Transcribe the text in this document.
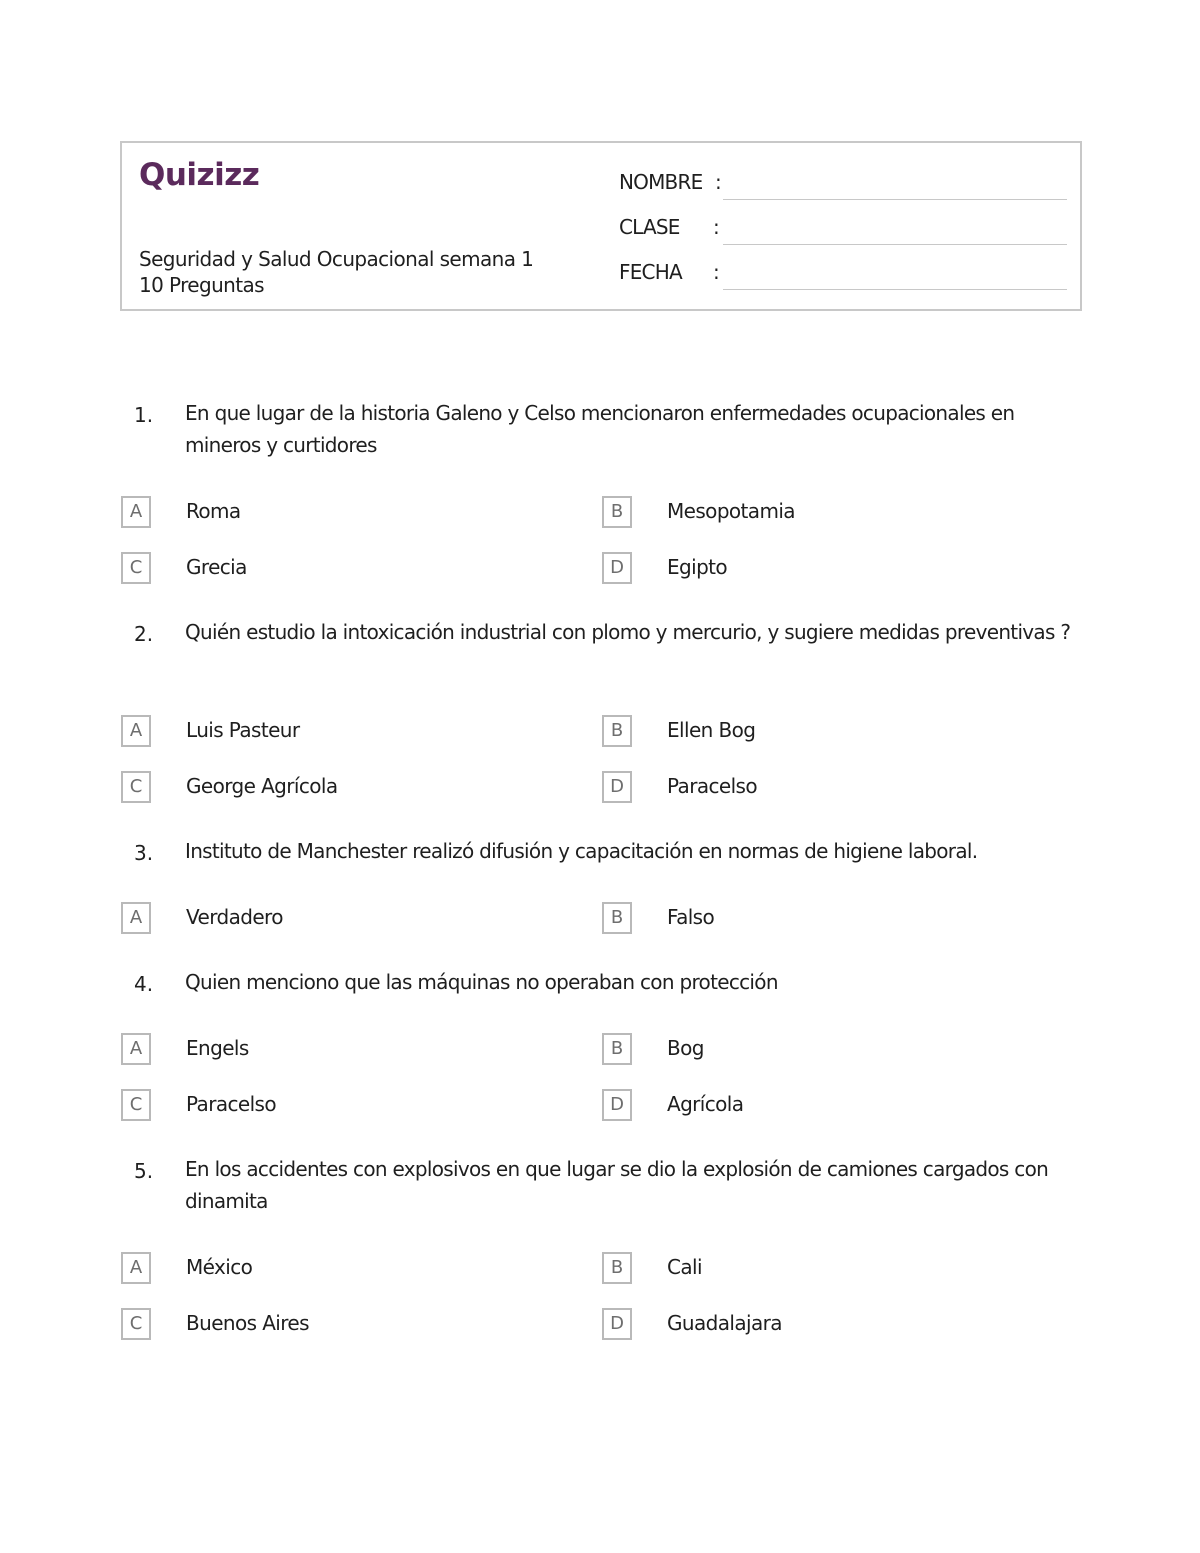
Quizizz
Seguridad y Salud Ocupacional semana 1
10 Preguntas
NOMBRE :
CLASE :
FECHA :
1. En que lugar de la historia Galeno y Celso mencionaron enfermedades ocupacionales en mineros y curtidores
A	Roma	B	Mesopotamia
C	Grecia	D	Egipto
2. Quién estudio la intoxicación industrial con plomo y mercurio, y sugiere medidas preventivas ?
A	Luis Pasteur	B	Ellen Bog
C	George Agrícola	D	Paracelso
3. Instituto de Manchester realizó difusión y capacitación en normas de higiene laboral.
A	Verdadero	B	Falso
4. Quien menciono que las máquinas no operaban con protección
A	Engels	B	Bog
C	Paracelso	D	Agrícola
5. En los accidentes con explosivos en que lugar se dio la explosión de camiones cargados con dinamita
A	México	B	Cali
C	Buenos Aires	D	Guadalajara
